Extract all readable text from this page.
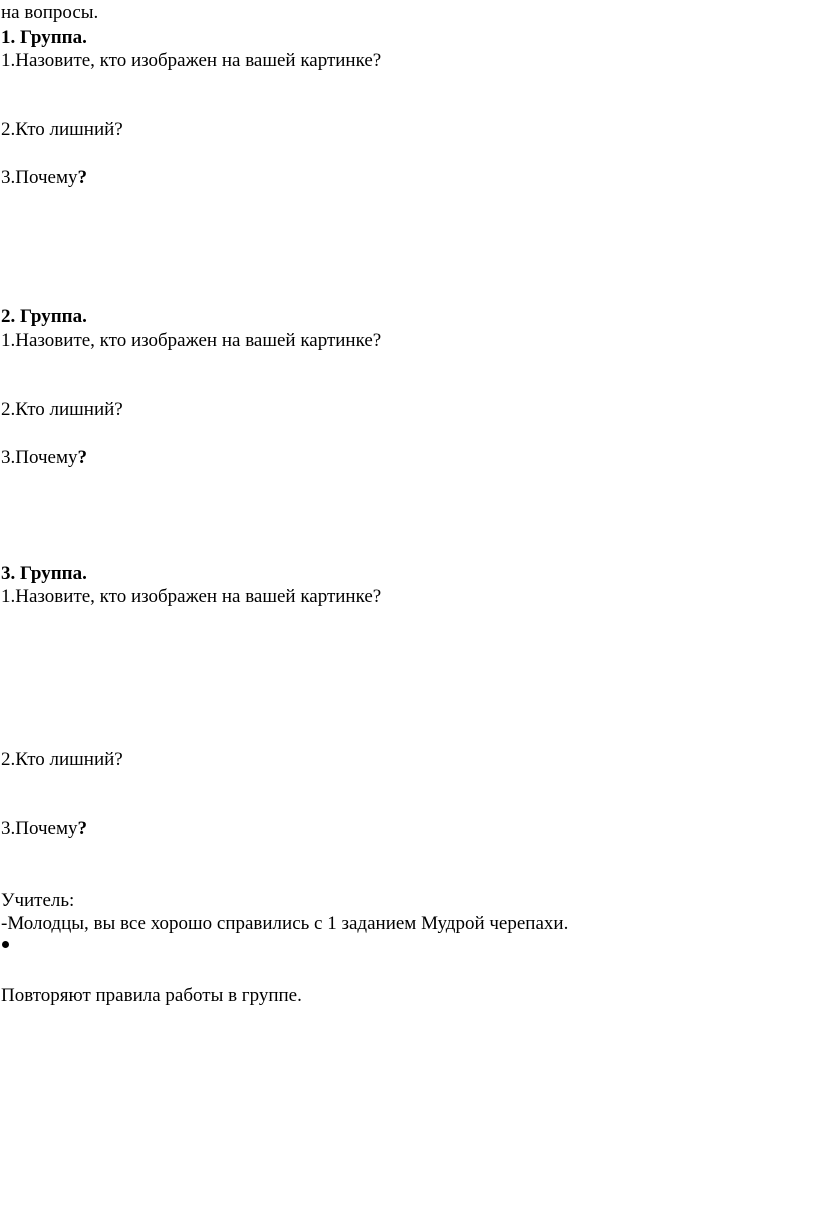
на вопросы.
1. Группа.
1.Назовите, кто изображен на вашей картинке?
2.Кто лишний?
3.Почему?
2. Группа.
1.Назовите, кто изображен на вашей картинке?
2.Кто лишний?
3.Почему?
3. Группа.
1.Назовите, кто изображен на вашей картинке?
2.Кто лишний?
3.Почему?
Учитель:
-Молодцы, вы все хорошо справились с 1 заданием Мудрой черепахи.
Повторяют правила работы в группе.
